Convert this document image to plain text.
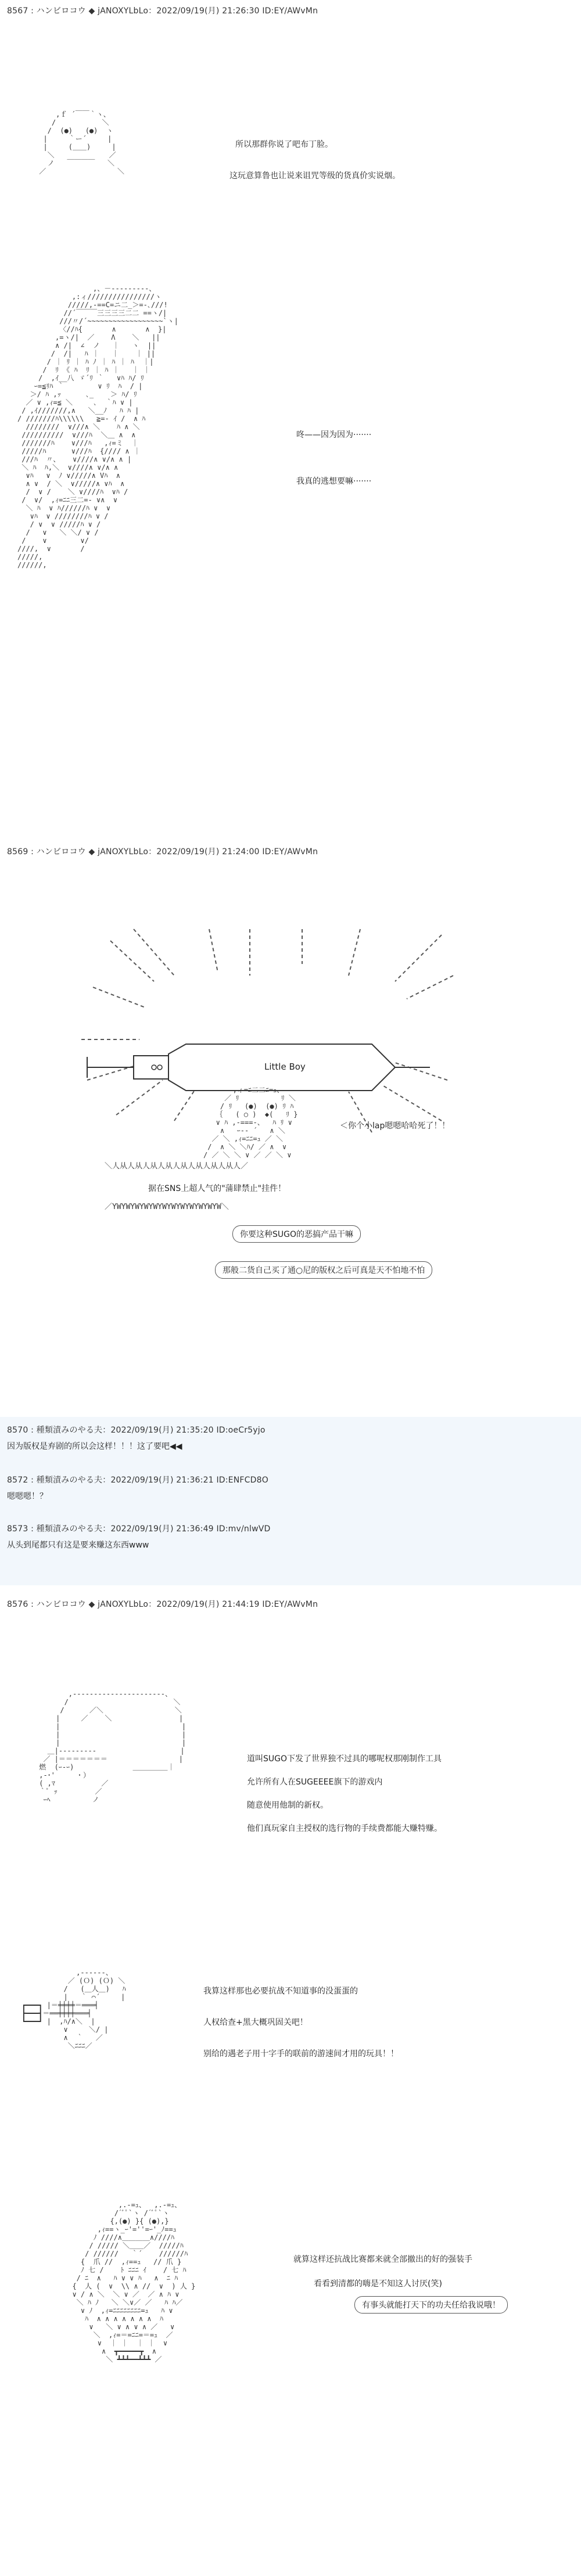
8567 : ハンビロコウ ◆ jANOXYLbLo：2022/09/19(月) 21:26:30 ID:EY/AWvMn
,ｆ ´￣￣｀ヽ、
/           ＼
/  (●)   (●)  ヽ
|     ｀ー´     |
|     (＿＿)     |
＼             ／
ノ   ￣￣￣￣   ＼
／                 ＼
所以那群你说了吧布丁脸。
这玩意算鲁也让说来诅咒等级的货真价实说烟。
,、－‐‐‐‐‐‐‐‐‐、
,:ィ////////////////ヽ
/////,-==C=ニ二_＞=-､///!
//´￣￣￣三三三三二二 ==ヽ/|
///〃/´~~~~~~~~~~~~~~~~~~`ヽ|
〈//ﾊ{       ∧       ∧  }|
,=ヽ/|  ／    Λ    ＼   ||
∧ /|  ∠  ノ   ｜   ヽ  ||
/  /|   ﾊ ｜   ｜    ｜ ||
/ ｜ ﾘ ｜ ﾊ ﾉ ｜ ﾊ ｜ ﾊ  ｜|
/  ﾘ 《 ﾊ  ﾘ ｜ ﾊ ｜   ｜ ｜
/  ,ｲ__八 ゞ´ﾘ ｀   ∨ﾊ ﾊ/ ﾘ
ｰ=≦ﾘﾊ ｀        ∨ ﾘ  ﾊ  / |
＞/ ﾊ ,ｯ      ､_    ＞ ﾊ/ ﾘ
／ ∨ ,ｨ=≦ ＼     ､  ｀ﾊ ∨ |
/ ,ｲ///////,∧   ＼__ﾉ   ﾊ ﾊ |
/ ///////ﾊ\\\\\\   ≧=- ｲ /  ∧ ﾊ
////////  ∨///∧ ＼    ﾊ ∧ ＼
//////////  ∨///ﾊ  ＼＿ ∧  ∧
///////ﾊ    ∨///ﾊ   ,ｨ=ミ  ｜
/////ﾊ      ∨///ﾊ  {//// ∧ ｜
///ﾊ  〃、   ∨////∧ ∨/∧ ∧ |
＼ ﾊ  ﾊ,＼  ∨////∧ ∨/∧ ∧
∨ﾊ   ∨  ﾉ ∨/////∧ Vﾊ  ∧
∧ ∨  / ＼  ∨/////∧ ∨ﾊ  ∧
/  ∨ /    ＼ ∨////ﾊ  ∨ﾊ /
/  ∨/  ,ｨ=ﾆﾆ三二=‐ ∨∧  ∨
＼ ﾊ  ∨ ﾊ//////ﾊ ∨  ∨
∨ﾊ  ∨ ////////ﾊ ∨ /
/ ∨  ∨ /////ﾊ ∨ /
/   ∨   ＼ ＼/ ∨ /
/    ∨        ∨/
////,  ∨       /
/////,
//////,
咚——因为因为·······
我真的逃想要嘛·······
8569 : ハンビロコウ ◆ jANOXYLbLo：2022/09/19(月) 21:24:00 ID:EY/AWvMn
Little Boy
,ィ=ﾆ二二ﾆ=ｭ、
／ ﾘ          ﾘ ＼
/ ﾘ   (●)  (●) ﾘ ﾊ
｛   ( ○ )  ◆(   ﾘ }
∨ ﾊ ,-===-、  ﾊ ﾘ ∨
∧   ｰ‐‐ ´   ∧ ＼
／ ＼ ,ｨ=ﾆﾆ=ｭ ／ ＼
/  ∧ ＼ ＼ﾊ/ ／ ∧  ∨
/ ／ ＼ ＼ ∨ ／ ／ ＼ ∨
＜你个小lap嗯嗯哈哈死了！！
＼人从人从人从人从人从人从人从人从人／
据在SNS上超人气的"蒲肆禁止"挂件！
／YWYWYWYWYWYWYWYWYWYWYWYW＼
你要这种SUGO的恶搞产品干嘛
那般二货自己买了通○尼的版权之后可真是天不怕地不怕
8570 : 種類漬みのやる夫：2022/09/19(月) 21:35:20 ID:oeCr5yjo
因为版权是弃剧的所以会这样！！！这了要吧◀◀
8572 : 種類漬みのやる夫：2022/09/19(月) 21:36:21 ID:ENFCD8O
嗯嗯嗯！？
8573 : 種類漬みのやる夫：2022/09/19(月) 21:36:49 ID:mv/nlwVD
从头到尾都只有这是要来赚这东西www
8576 : ハンビロコウ ◆ jANOXYLbLo：2022/09/19(月) 21:44:19 ID:EY/AWvMn
,-‐‐‐‐‐‐‐‐‐‐‐‐‐‐‐‐‐‐‐‐‐、
/                         ＼
/      ／＼                 ＼
|     ／    ＼                |
|                             |
|                             |
|                             |
＿|‐‐‐‐‐‐‐‐‐                    |
／ |＝＝＝＝＝＝＝                 |
燃  (ｰ-ｰ)              ＿＿＿＿＿｜
,-･'     ・）
( ,ﾏ           ／
｀ﾟ ｯ         ／
ｰﾍ          ノ
道叫SUGO下发了世界独不过具的哪呢权那刚制作工具
允许所有人在SUGEEEE旗下的游戏内
随意使用他制的新权。
他们真玩家自主授权的选行物的手续费都能大赚特赚。
,-‐‐‐‐‐、
／ (Ｏ) (Ｏ) ＼
/   (＿人＿)   ﾊ
|   ｀ ⌒´     |
┏━━━┓ |＝╪╪╪╪＝═══╡
┣━━━┫＝══╪╪╪╪═══╡
┗━━━┛ |  ,ﾊ/∧＼  |
∨     ＼/ |
∧  ｀   ／
＼ﾆﾆﾆ／
我算这样那也必要抗战不知道事的没蛋蛋的
人权给查+黑大概巩固关吧！
别给的遇老子用十字手的联前的游速间才用的玩具！！
,.-=ｭ、  ,.-=ｭ、
/´ﾞﾟ`ヽ /´ﾞﾟ`ヽ
{,(●) }{ (●),}
,ｨ==ヽ_ｰ'=''=ｰ'_ﾉ==ｭ
ﾉ ////∧＿＿＿＿∧////ﾊ
/ ///// ＼＿＿／  /////ﾊ
/ //////   ｀´    //////ﾊ
{  爪 //  ,ｨ==ｭ   // 爪 }
ﾉ 七 /    ﾄ ﾆﾆﾆ ｲ    / 七 ﾊ
/ ﾆ  ∧   ﾊ ∨ ∨ ﾊ   ∧  ﾆ ﾊ
{  人 (  ∨  \\ ∧ //  ∨  ) 人 }
∨ / ∧ ＼  ＼ ∨ ／  ／ ∧ ﾊ ∨
＼ ﾊ ﾉ   ＼ ＼∨／ ／   ﾊ ﾊ／
∨ ﾉ  ,ｨ=ﾆﾆﾆﾆﾆﾆﾆﾆ=ｭ   ﾊ ∨
ﾊ  ∧ ∧ ∧ ∧ ∧ ∧ ∧  ﾊ
∨   ＼ ∨ ∧ ∨ ∧ ／   ∨
＼  ,ｨ=＝=ﾆﾆ=＝=ｭ  ／
∨  ｜ ｜  ｜ ｜  ∨
∧  ┳━━━━━┳  ∧
＼ ┻┻┻━━┻┻┻ ／
就算这样还抗战比赛都来就全部撤出的好的强装手
看看到清都的嗨是不知这人讨厌(笑)
有事头就能打天下的功夫任给我说哦！
